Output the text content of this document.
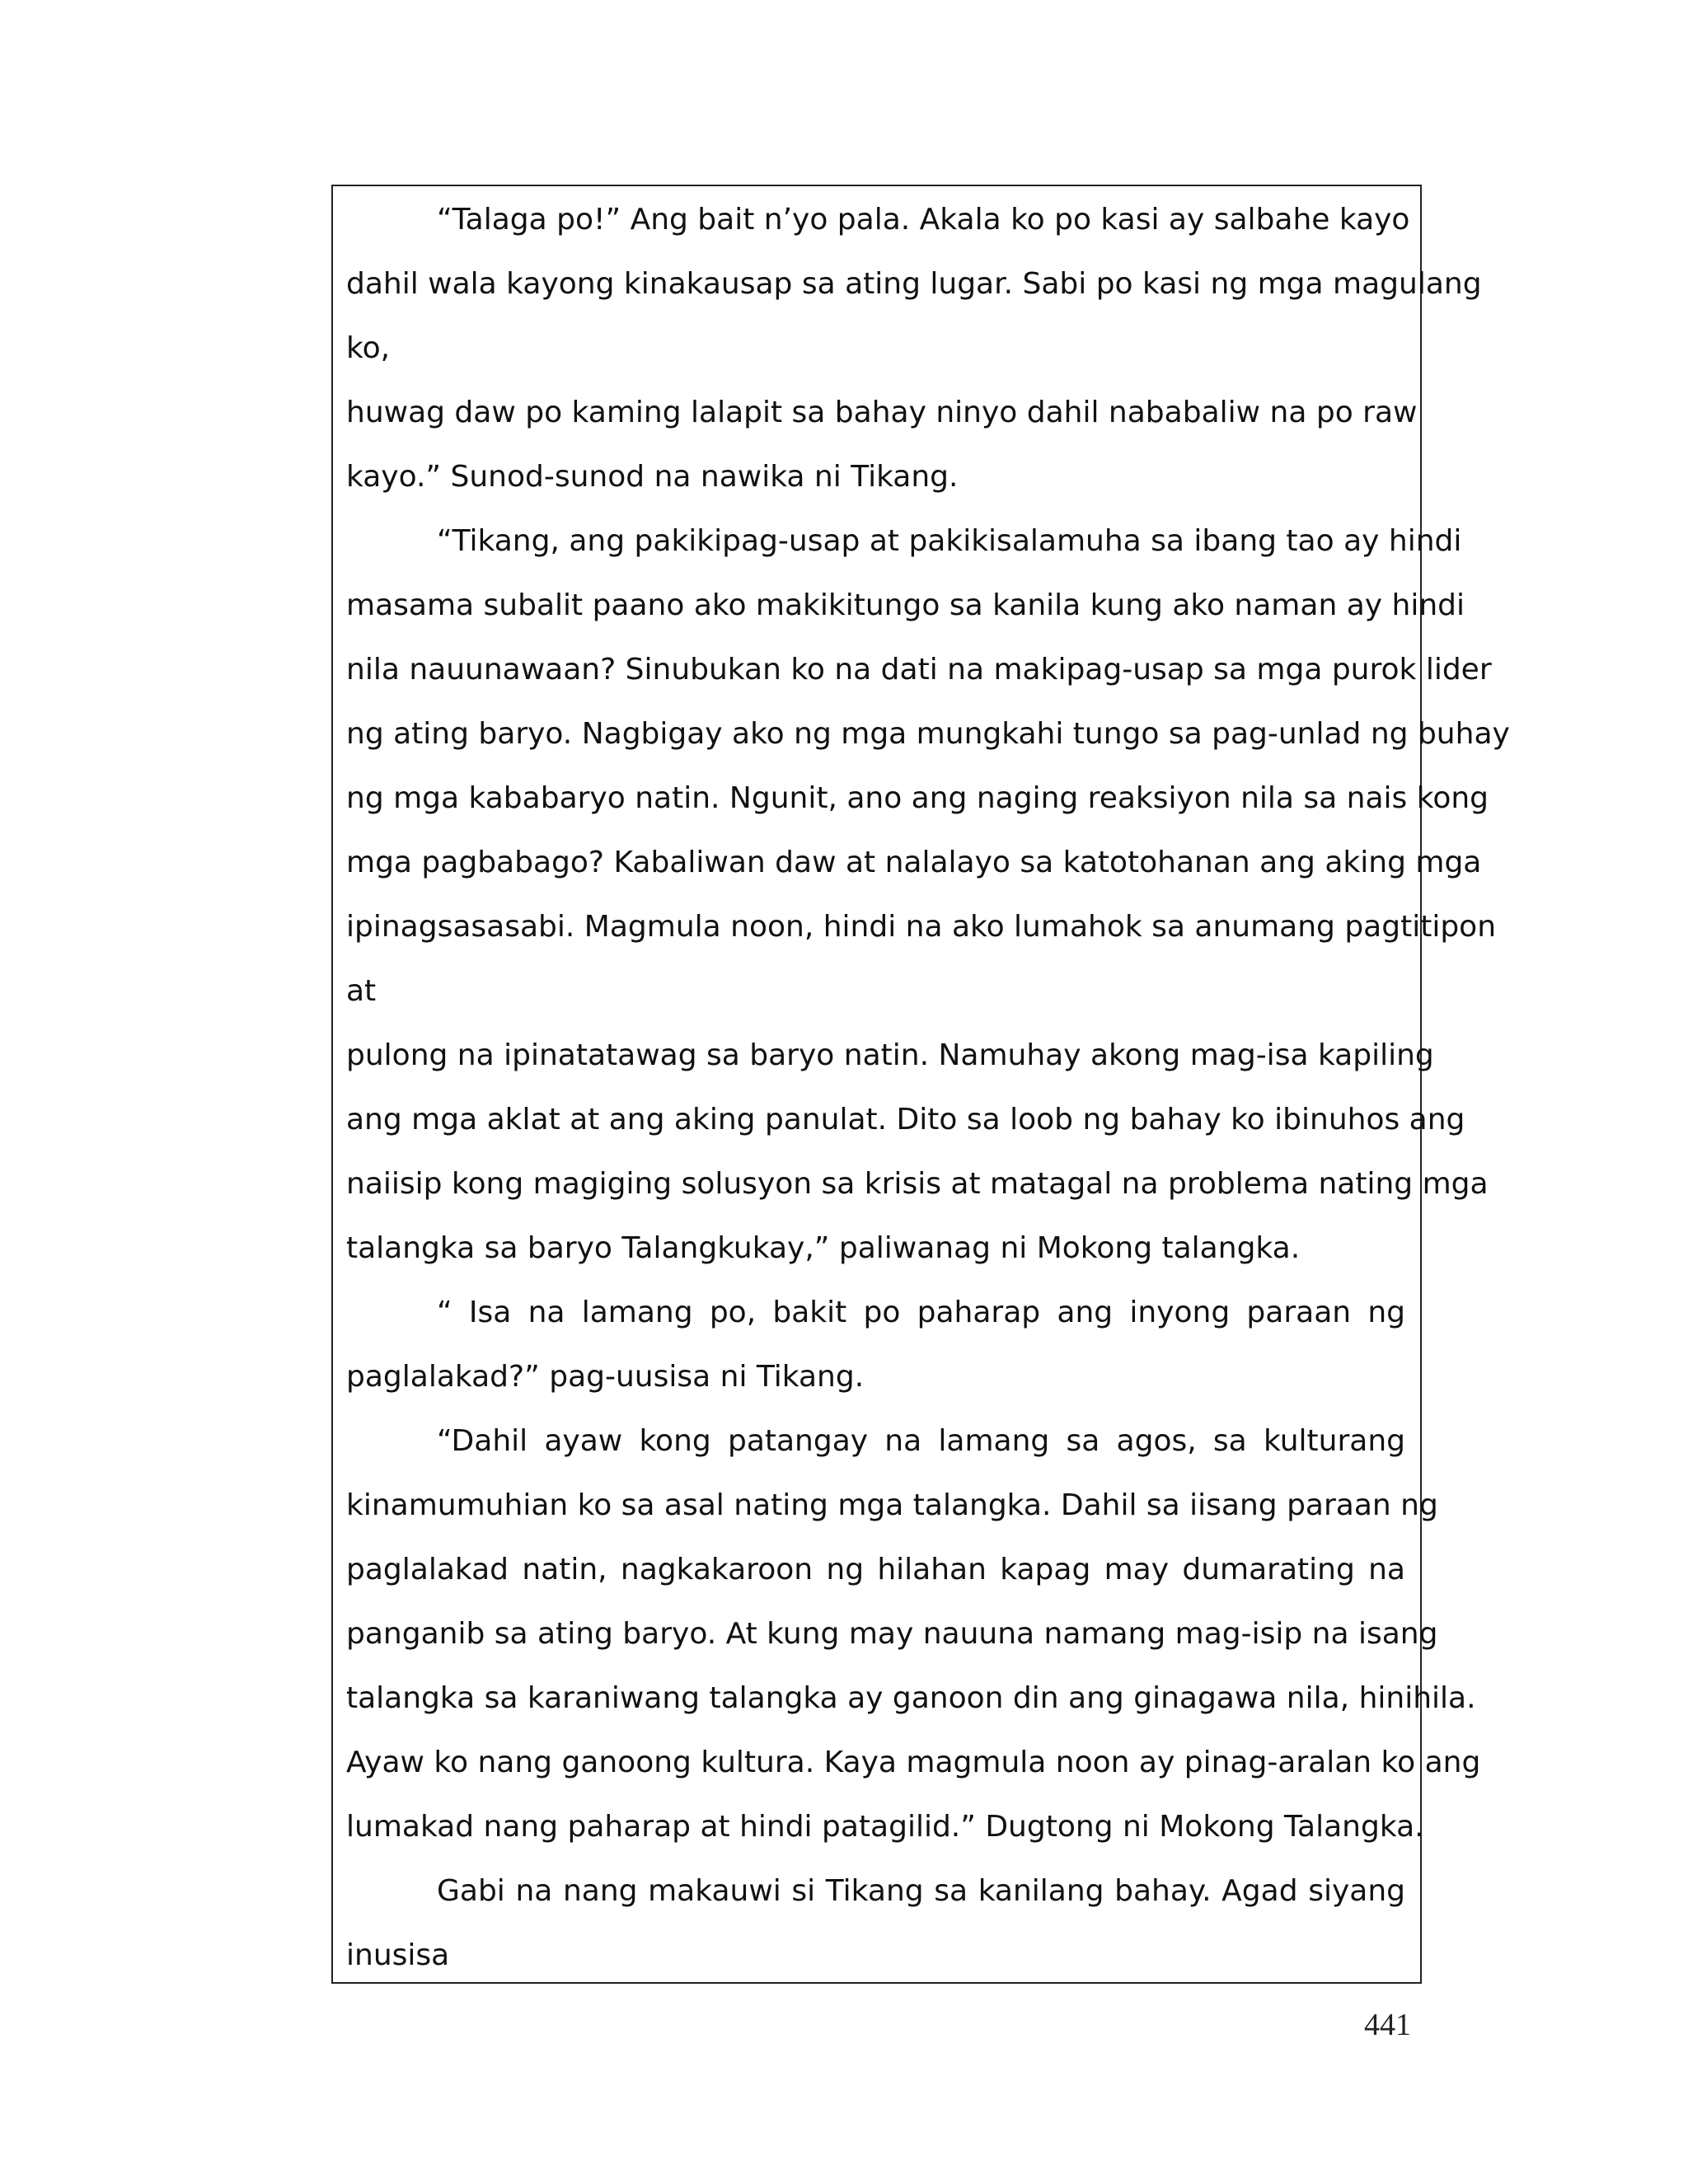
“Talaga po!” Ang bait n’yo pala. Akala ko po kasi ay salbahe kayo
dahil wala kayong kinakausap sa ating lugar. Sabi po kasi ng mga magulang
ko,
huwag daw po kaming lalapit sa bahay ninyo dahil nababaliw na po raw
kayo.” Sunod-sunod na nawika ni Tikang.
“Tikang, ang pakikipag-usap at pakikisalamuha sa ibang tao ay hindi
masama subalit paano ako makikitungo sa kanila kung ako naman ay hindi
nila nauunawaan? Sinubukan ko na dati na makipag-usap sa mga purok lider
ng ating baryo. Nagbigay ako ng mga mungkahi tungo sa pag-unlad ng buhay
ng mga kababaryo natin. Ngunit, ano ang naging reaksiyon nila sa nais kong
mga pagbabago? Kabaliwan daw at nalalayo sa katotohanan ang aking mga
ipinagsasasabi. Magmula noon, hindi na ako lumahok sa anumang pagtitipon
at
pulong na ipinatatawag sa baryo natin. Namuhay akong mag-isa kapiling
ang mga aklat at ang aking panulat. Dito sa loob ng bahay ko ibinuhos ang
naiisip kong magiging solusyon sa krisis at matagal na problema nating mga
talangka sa baryo Talangkukay,” paliwanag ni Mokong talangka.
“ Isa na lamang po, bakit po paharap ang inyong paraan ng
paglalakad?” pag-uusisa ni Tikang.
“Dahil ayaw kong patangay na lamang sa agos, sa kulturang
kinamumuhian ko sa asal nating mga talangka. Dahil sa iisang paraan ng
paglalakad natin, nagkakaroon ng hilahan kapag may dumarating na
panganib sa ating baryo. At kung may nauuna namang mag-isip na isang
talangka sa karaniwang talangka ay ganoon din ang ginagawa nila, hinihila.
Ayaw ko nang ganoong kultura. Kaya magmula noon ay pinag-aralan ko ang
lumakad nang paharap at hindi patagilid.” Dugtong ni Mokong Talangka.
Gabi na nang makauwi si Tikang sa kanilang bahay. Agad siyang
inusisa
441
